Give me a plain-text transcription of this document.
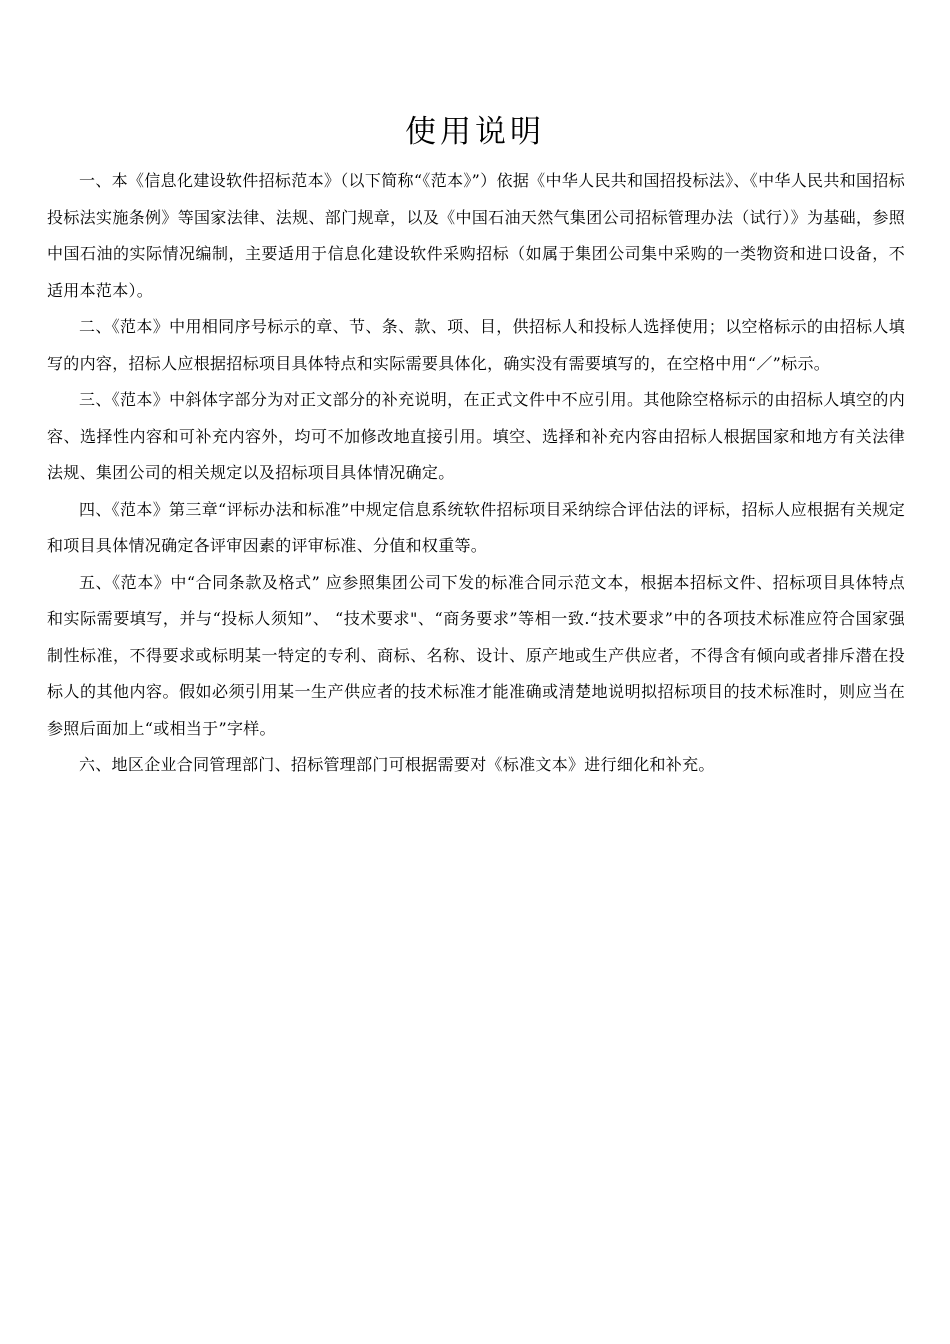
使用说明

一、本《信息化建设软件招标范本》（以下简称“《范本》”）依据《中华人民共和国招投标法》、《中华人民共和国招标投标法实施条例》等国家法律、法规、部门规章，以及《中国石油天然气集团公司招标管理办法（试行）》为基础，参照中国石油的实际情况编制，主要适用于信息化建设软件采购招标（如属于集团公司集中采购的一类物资和进口设备，不适用本范本）。

二、《范本》中用相同序号标示的章、节、条、款、项、目，供招标人和投标人选择使用；以空格标示的由招标人填写的内容，招标人应根据招标项目具体特点和实际需要具体化，确实没有需要填写的，在空格中用“／”标示。

三、《范本》中斜体字部分为对正文部分的补充说明，在正式文件中不应引用。其他除空格标示的由招标人填空的内容、选择性内容和可补充内容外，均可不加修改地直接引用。填空、选择和补充内容由招标人根据国家和地方有关法律法规、集团公司的相关规定以及招标项目具体情况确定。

四、《范本》第三章“评标办法和标准”中规定信息系统软件招标项目采纳综合评估法的评标，招标人应根据有关规定和项目具体情况确定各评审因素的评审标准、分值和权重等。

五、《范本》中“合同条款及格式” 应参照集团公司下发的标准合同示范文本，根据本招标文件、招标项目具体特点和实际需要填写，并与“投标人须知”、 “技术要求"、“商务要求”等相一致.“技术要求”中的各项技术标准应符合国家强制性标准，不得要求或标明某一特定的专利、商标、名称、设计、原产地或生产供应者，不得含有倾向或者排斥潜在投标人的其他内容。假如必须引用某一生产供应者的技术标准才能准确或清楚地说明拟招标项目的技术标准时，则应当在参照后面加上“或相当于”字样。

六、地区企业合同管理部门、招标管理部门可根据需要对《标准文本》进行细化和补充。
